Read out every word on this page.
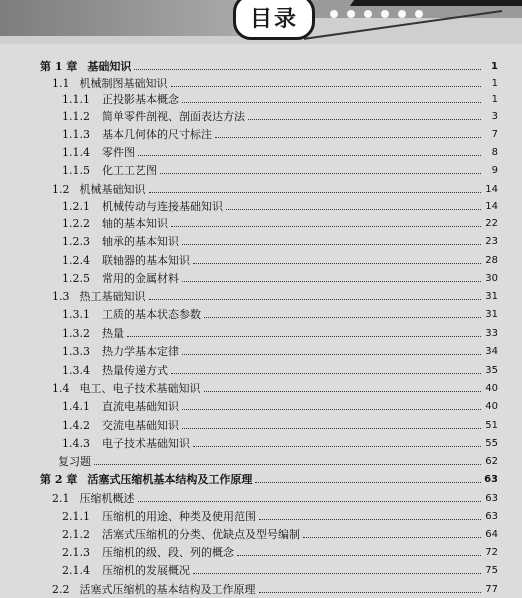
目录
第 1 章 基础知识	1
1.1 机械制图基础知识	1
1.1.1 正投影基本概念	1
1.1.2 简单零件剖视、剖面表达方法	3
1.1.3 基本几何体的尺寸标注	7
1.1.4 零件图	8
1.1.5 化工工艺图	9
1.2 机械基础知识	14
1.2.1 机械传动与连接基础知识	14
1.2.2 轴的基本知识	22
1.2.3 轴承的基本知识	23
1.2.4 联轴器的基本知识	28
1.2.5 常用的金属材料	30
1.3 热工基础知识	31
1.3.1 工质的基本状态参数	31
1.3.2 热量	33
1.3.3 热力学基本定律	34
1.3.4 热量传递方式	35
1.4 电工、电子技术基础知识	40
1.4.1 直流电基础知识	40
1.4.2 交流电基础知识	51
1.4.3 电子技术基础知识	55
复习题	62
第 2 章 活塞式压缩机基本结构及工作原理	63
2.1 压缩机概述	63
2.1.1 压缩机的用途、种类及使用范围	63
2.1.2 活塞式压缩机的分类、优缺点及型号编制	64
2.1.3 压缩机的级、段、列的概念	72
2.1.4 压缩机的发展概况	75
2.2 活塞式压缩机的基本结构及工作原理	77
